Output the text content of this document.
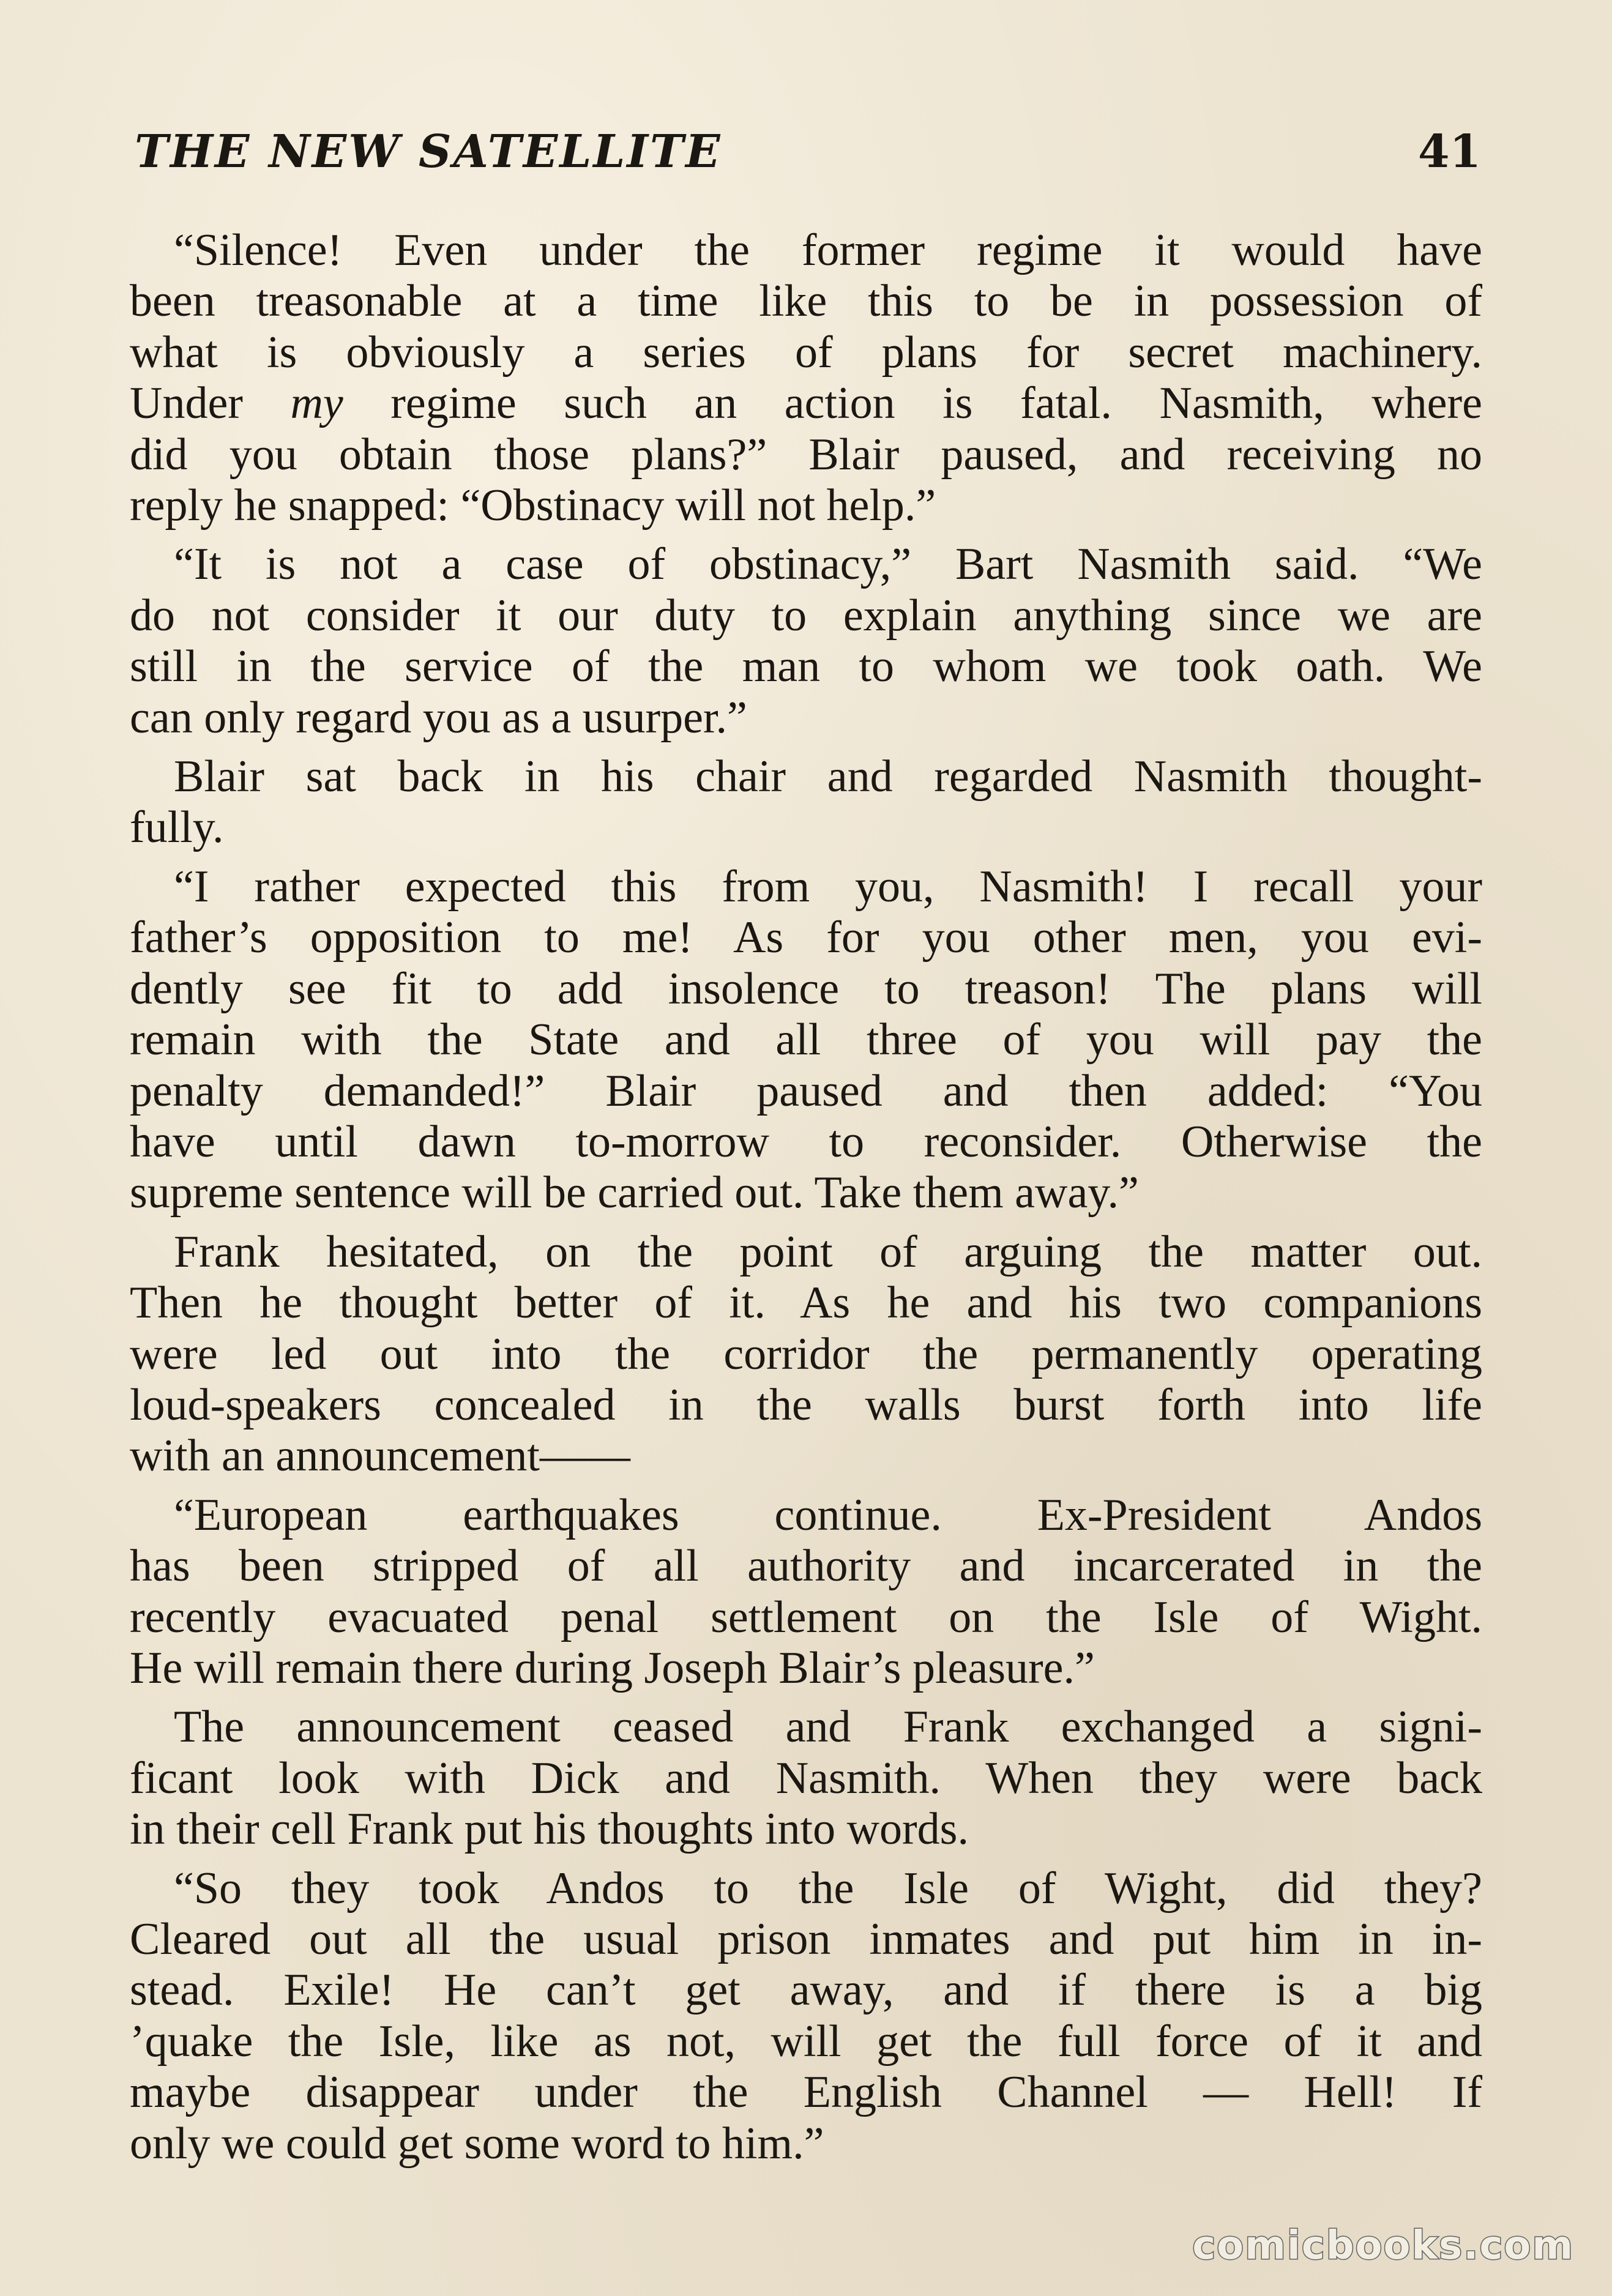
THE NEW SATELLITE	41
“Silence! Even under the former regime it would have
been treasonable at a time like this to be in possession of
what is obviously a series of plans for secret machinery.
Under my regime such an action is fatal. Nasmith, where
did you obtain those plans?” Blair paused, and receiving no
reply he snapped: “Obstinacy will not help.”
“It is not a case of obstinacy,” Bart Nasmith said. “We
do not consider it our duty to explain anything since we are
still in the service of the man to whom we took oath. We
can only regard you as a usurper.”
Blair sat back in his chair and regarded Nasmith thought-
fully.
“I rather expected this from you, Nasmith! I recall your
father’s opposition to me! As for you other men, you evi-
dently see fit to add insolence to treason! The plans will
remain with the State and all three of you will pay the
penalty demanded!” Blair paused and then added: “You
have until dawn to-morrow to reconsider. Otherwise the
supreme sentence will be carried out. Take them away.”
Frank hesitated, on the point of arguing the matter out.
Then he thought better of it. As he and his two companions
were led out into the corridor the permanently operating
loud-speakers concealed in the walls burst forth into life
with an announcement——
“European earthquakes continue. Ex-President Andos
has been stripped of all authority and incarcerated in the
recently evacuated penal settlement on the Isle of Wight.
He will remain there during Joseph Blair’s pleasure.”
The announcement ceased and Frank exchanged a signi-
ficant look with Dick and Nasmith. When they were back
in their cell Frank put his thoughts into words.
“So they took Andos to the Isle of Wight, did they?
Cleared out all the usual prison inmates and put him in in-
stead. Exile! He can’t get away, and if there is a big
’quake the Isle, like as not, will get the full force of it and
maybe disappear under the English Channel — Hell! If
only we could get some word to him.”
comicbooks.com
